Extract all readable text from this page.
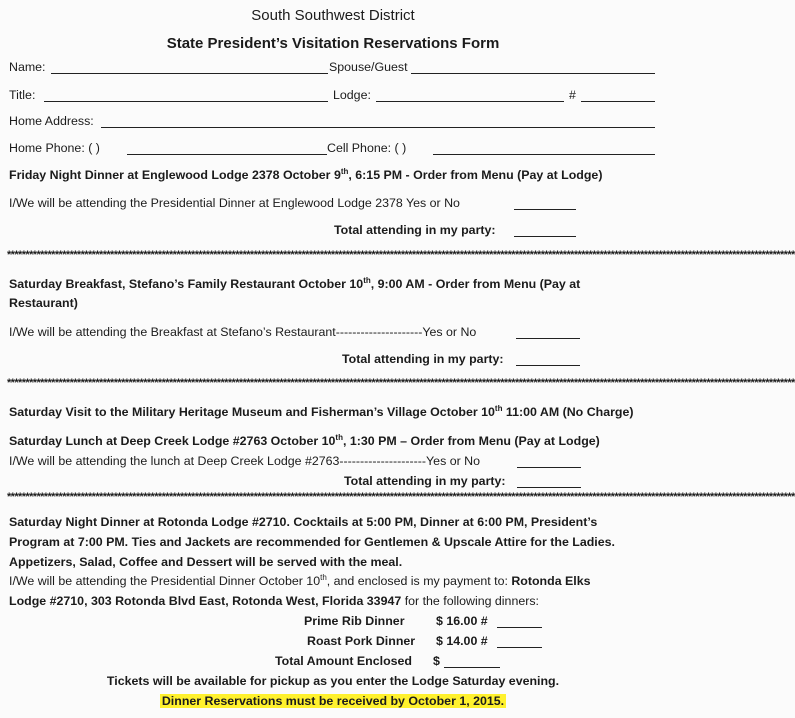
South Southwest District
State President’s Visitation Reservations Form
Name:	Spouse/Guest
Title:	Lodge:	#
Home Address:
Home Phone: ( )	Cell Phone: ( )
Friday Night Dinner at Englewood Lodge 2378 October 9th, 6:15 PM - Order from Menu (Pay at Lodge)
I/We will be attending the Presidential Dinner at Englewood Lodge 2378 Yes or No
Total attending in my party:
**********************************************************************************************************************************************************************************************************************
Saturday Breakfast, Stefano’s Family Restaurant October 10th, 9:00 AM - Order from Menu (Pay at
Restaurant)
I/We will be attending the Breakfast at Stefano’s Restaurant---------------------Yes or No
Total attending in my party:
**********************************************************************************************************************************************************************************************************************
Saturday Visit to the Military Heritage Museum and Fisherman’s Village October 10th 11:00 AM (No Charge)
Saturday Lunch at Deep Creek Lodge #2763 October 10th, 1:30 PM – Order from Menu (Pay at Lodge)
I/We will be attending the lunch at Deep Creek Lodge #2763---------------------Yes or No
Total attending in my party:
**********************************************************************************************************************************************************************************************************************
Saturday Night Dinner at Rotonda Lodge #2710. Cocktails at 5:00 PM, Dinner at 6:00 PM, President’s
Program at 7:00 PM. Ties and Jackets are recommended for Gentlemen & Upscale Attire for the Ladies.
Appetizers, Salad, Coffee and Dessert will be served with the meal.
I/We will be attending the Presidential Dinner October 10th, and enclosed is my payment to: Rotonda Elks
Lodge #2710, 303 Rotonda Blvd East, Rotonda West, Florida 33947 for the following dinners:
Prime Rib Dinner	$ 16.00 #
Roast Pork Dinner $ 14.00 #
Total Amount Enclosed $
Tickets will be available for pickup as you enter the Lodge Saturday evening.
Dinner Reservations must be received by October 1, 2015.
